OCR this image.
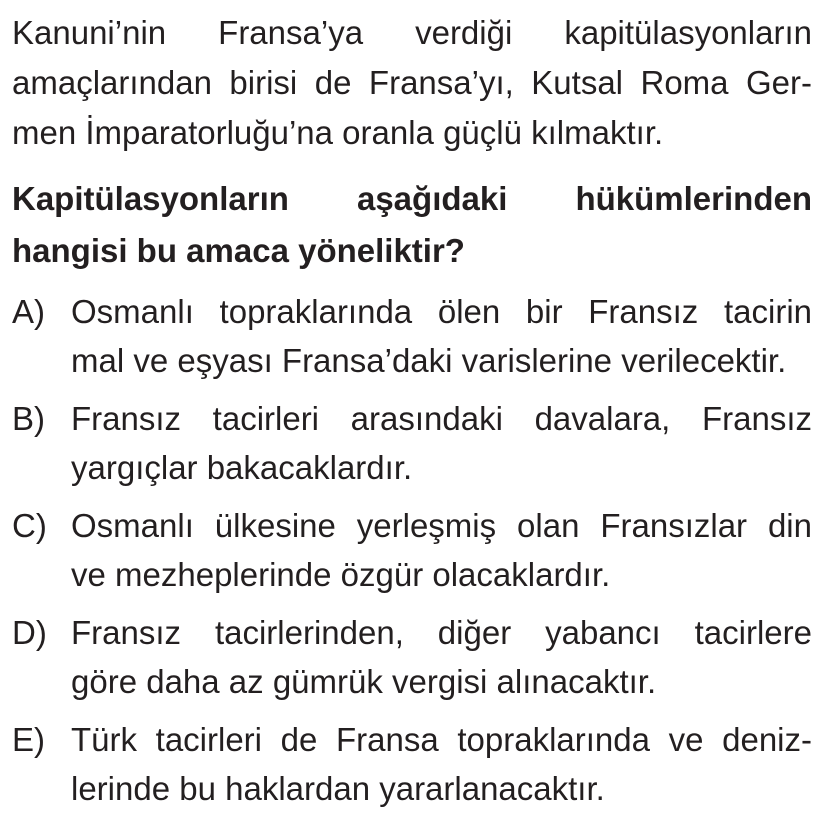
Kanuni’nin Fransa’ya verdiği kapitülasyonların
amaçlarından birisi de Fransa’yı, Kutsal Roma Ger-
men İmparatorluğu’na oranla güçlü kılmaktır.

Kapitülasyonların aşağıdaki hükümlerinden
hangisi bu amaca yöneliktir?

A) Osmanlı topraklarında ölen bir Fransız tacirin
mal ve eşyası Fransa’daki varislerine verilecektir.
B) Fransız tacirleri arasındaki davalara, Fransız
yargıçlar bakacaklardır.
C) Osmanlı ülkesine yerleşmiş olan Fransızlar din
ve mezheplerinde özgür olacaklardır.
D) Fransız tacirlerinden, diğer yabancı tacirlere
göre daha az gümrük vergisi alınacaktır.
E) Türk tacirleri de Fransa topraklarında ve deniz-
lerinde bu haklardan yararlanacaktır.
